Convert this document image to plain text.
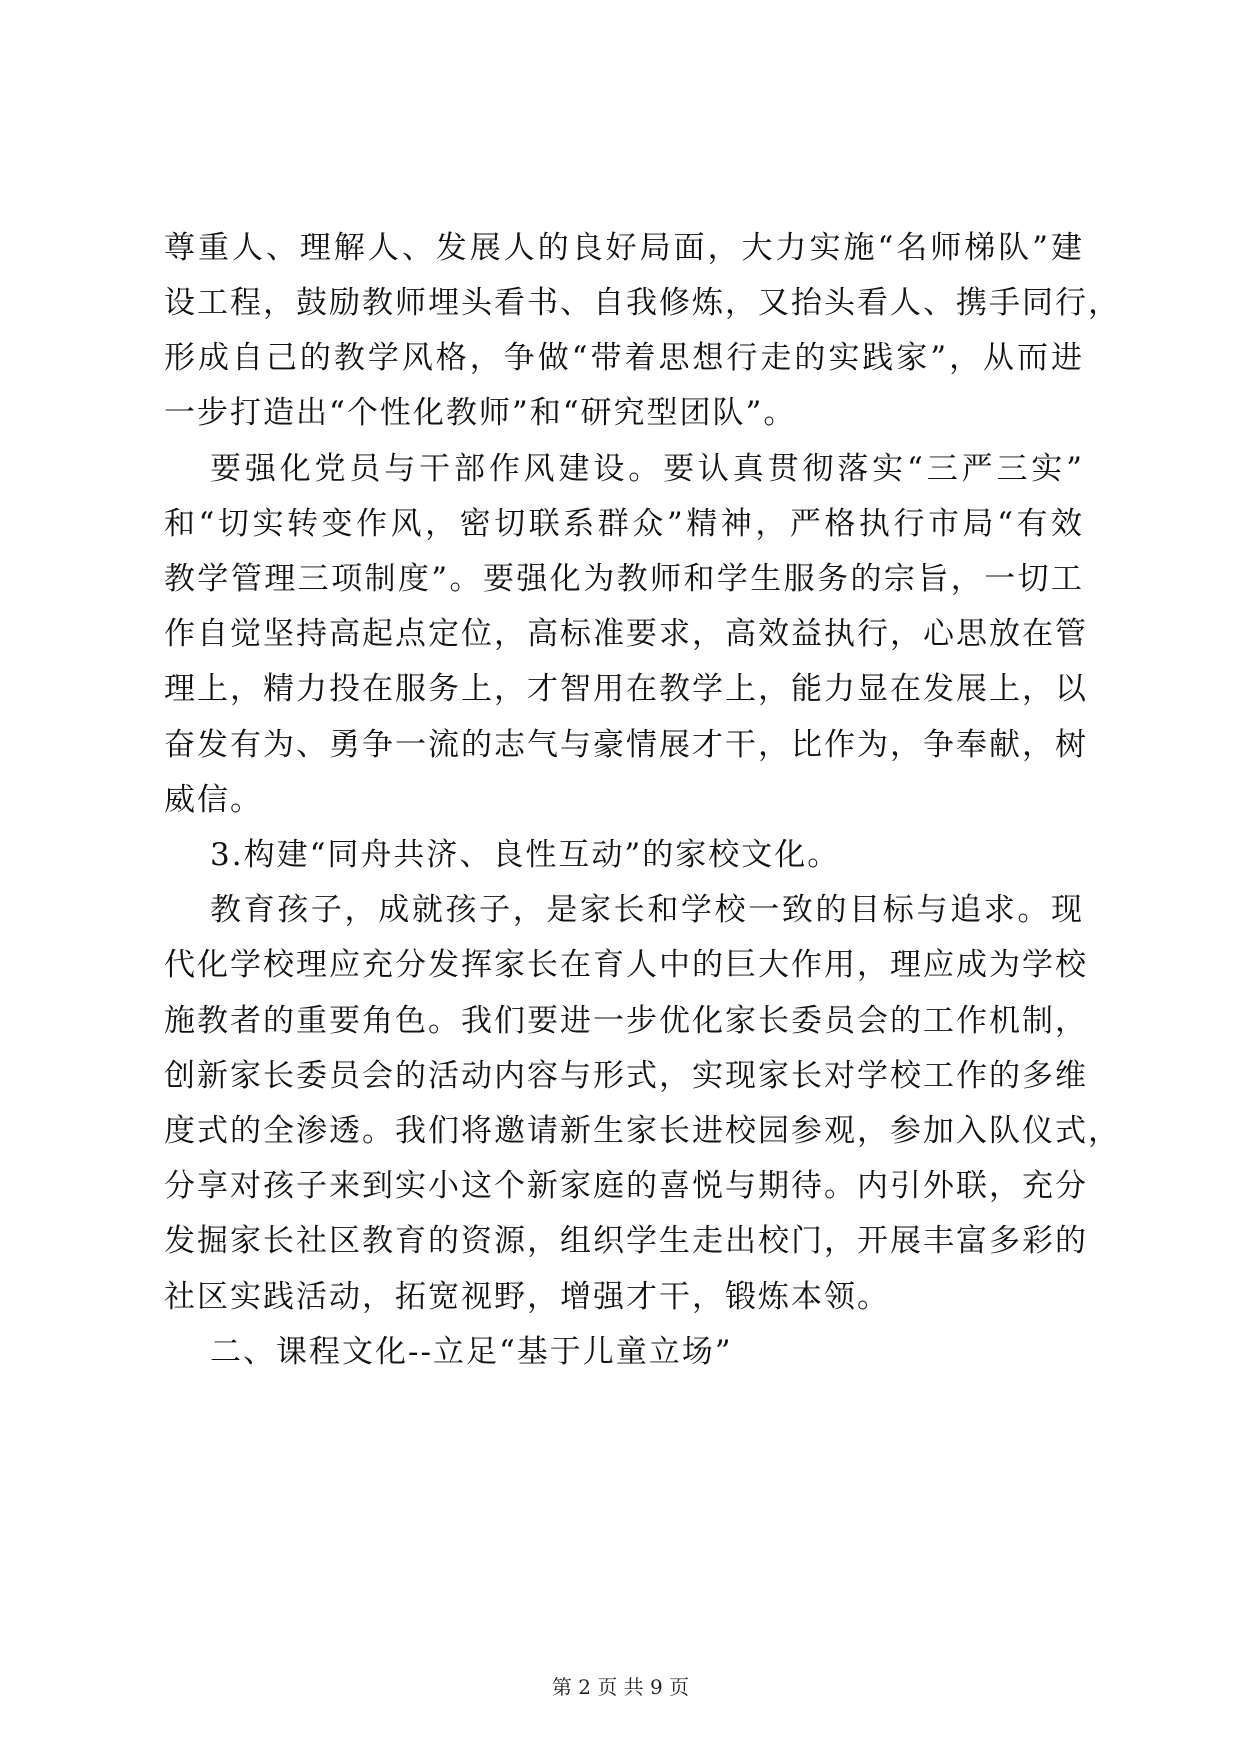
尊重人、理解人、发展人的良好局面，大力实施“名师梯队”建
设工程，鼓励教师埋头看书、自我修炼，又抬头看人、携手同行，
形成自己的教学风格，争做“带着思想行走的实践家”，从而进
一步打造出“个性化教师”和“研究型团队”。
要强化党员与干部作风建设。要认真贯彻落实“三严三实”
和“切实转变作风，密切联系群众”精神，严格执行市局“有效
教学管理三项制度”。要强化为教师和学生服务的宗旨，一切工
作自觉坚持高起点定位，高标准要求，高效益执行，心思放在管
理上，精力投在服务上，才智用在教学上，能力显在发展上，以
奋发有为、勇争一流的志气与豪情展才干，比作为，争奉献，树
威信。
3.构建“同舟共济、良性互动”的家校文化。
教育孩子，成就孩子，是家长和学校一致的目标与追求。现
代化学校理应充分发挥家长在育人中的巨大作用，理应成为学校
施教者的重要角色。我们要进一步优化家长委员会的工作机制，
创新家长委员会的活动内容与形式，实现家长对学校工作的多维
度式的全渗透。我们将邀请新生家长进校园参观，参加入队仪式，
分享对孩子来到实小这个新家庭的喜悦与期待。内引外联，充分
发掘家长社区教育的资源，组织学生走出校门，开展丰富多彩的
社区实践活动，拓宽视野，增强才干，锻炼本领。
二、课程文化--立足“基于儿童立场”
第 2 页 共 9 页
